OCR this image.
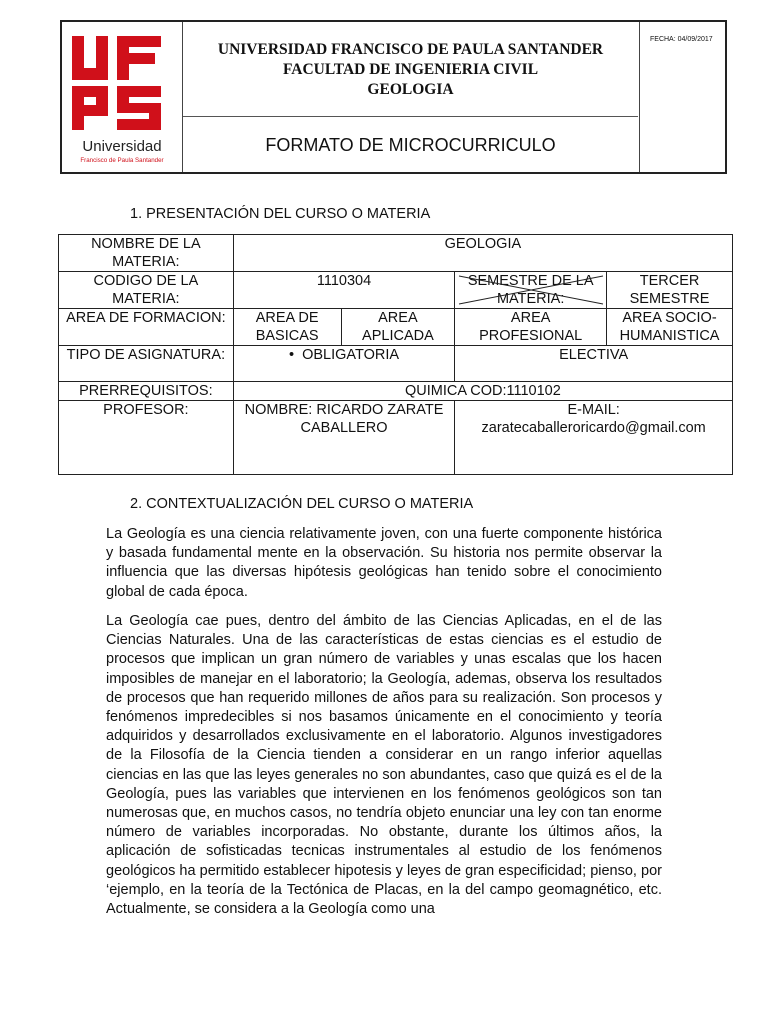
Universidad
Francisco de Paula Santander
UNIVERSIDAD FRANCISCO DE PAULA SANTANDER
FACULTAD DE INGENIERIA CIVIL
GEOLOGIA
FORMATO DE MICROCURRICULO
FECHA: 04/09/2017
1. PRESENTACIÓN DEL CURSO O MATERIA
NOMBRE DE LA MATERIA:	GEOLOGIA			
CODIGO DE LA MATERIA:	1110304		SEMESTRE DE LA MATERIA:	TERCER SEMESTRE
AREA DE FORMACION:	AREA DE BASICAS	AREA APLICADA	AREA PROFESIONAL	AREA SOCIO-HUMANISTICA
TIPO DE ASIGNATURA:	•  OBLIGATORIA		ELECTIVA	
PRERREQUISITOS:	QUIMICA COD:1110102			
PROFESOR:	NOMBRE: RICARDO ZARATE CABALLERO		E-MAIL:
zaratecaballeroricardo@gmail.com	
2. CONTEXTUALIZACIÓN DEL CURSO O MATERIA

La Geología es una ciencia relativamente joven, con una fuerte componente histórica y basada fundamental mente en la observación. Su historia nos permite observar la influencia que las diversas hipótesis geológicas han tenido sobre el conocimiento global de cada época.

La Geología cae pues, dentro del ámbito de las Ciencias Aplicadas, en el de las Ciencias Naturales. Una de las características de estas ciencias es el estudio de procesos que implican un gran número de variables y unas escalas que los hacen imposibles de manejar en el laboratorio; la Geología, ademas, observa los resultados de procesos que han requerido millones de años para su realización. Son procesos y fenómenos impredecibles si nos basamos únicamente en el conocimiento y teoría adquiridos y desarrollados exclusivamente en el laboratorio. Algunos investigadores de la Filosofía de la Ciencia tienden a considerar en un rango inferior aquellas ciencias en las que las leyes generales no son abundantes, caso que quizá es el de la Geología, pues las variables que intervienen en los fenómenos geológicos son tan numerosas que, en muchos casos, no tendría objeto enunciar una ley con tan enorme número de variables incorporadas. No obstante, durante los últimos años, la aplicación de sofisticadas tecnicas instrumentales al estudio de los fenómenos geológicos ha permitido establecer hipotesis y leyes de gran especificidad; pienso, por ‘ejemplo, en la teoría de la Tectónica de Placas, en la del campo geomagnético, etc. Actualmente, se considera a la Geología como una
